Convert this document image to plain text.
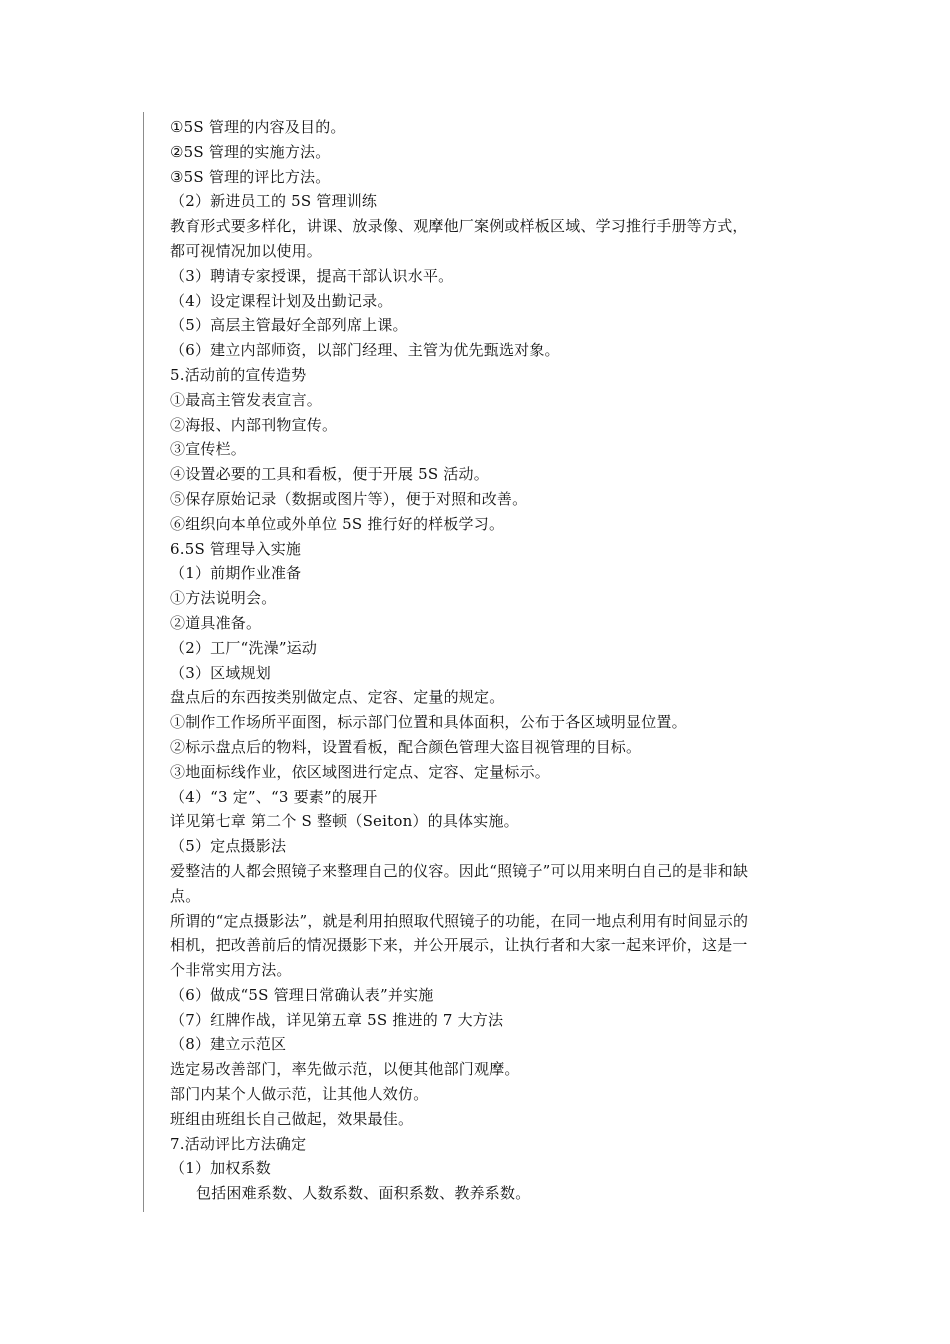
①5S 管理的内容及目的。
②5S 管理的实施方法。
③5S 管理的评比方法。
（2）新进员工的 5S 管理训练
教育形式要多样化，讲课、放录像、观摩他厂案例或样板区域、学习推行手册等方式，
都可视情况加以使用。
（3）聘请专家授课，提高干部认识水平。
（4）设定课程计划及出勤记录。
（5）高层主管最好全部列席上课。
（6）建立内部师资，以部门经理、主管为优先甄选对象。
5.活动前的宣传造势
①最高主管发表宣言。
②海报、内部刊物宣传。
③宣传栏。
④设置必要的工具和看板，便于开展 5S 活动。
⑤保存原始记录（数据或图片等），便于对照和改善。
⑥组织向本单位或外单位 5S 推行好的样板学习。
6.5S 管理导入实施
（1）前期作业准备
①方法说明会。
②道具准备。
（2）工厂“洗澡”运动
（3）区域规划
盘点后的东西按类别做定点、定容、定量的规定。
①制作工作场所平面图，标示部门位置和具体面积，公布于各区域明显位置。
②标示盘点后的物料，设置看板，配合颜色管理大盗目视管理的目标。
③地面标线作业，依区域图进行定点、定容、定量标示。
（4）“3 定”、“3 要素”的展开
详见第七章 第二个 S 整顿（Seiton）的具体实施。
（5）定点摄影法
爱整洁的人都会照镜子来整理自己的仪容。因此“照镜子”可以用来明白自己的是非和缺
点。
所谓的“定点摄影法”，就是利用拍照取代照镜子的功能，在同一地点利用有时间显示的
相机，把改善前后的情况摄影下来，并公开展示，让执行者和大家一起来评价，这是一
个非常实用方法。
（6）做成“5S 管理日常确认表”并实施
（7）红牌作战，详见第五章 5S 推进的 7 大方法
（8）建立示范区
选定易改善部门，率先做示范，以便其他部门观摩。
部门内某个人做示范，让其他人效仿。
班组由班组长自己做起，效果最佳。
7.活动评比方法确定
（1）加权系数
包括困难系数、人数系数、面积系数、教养系数。
